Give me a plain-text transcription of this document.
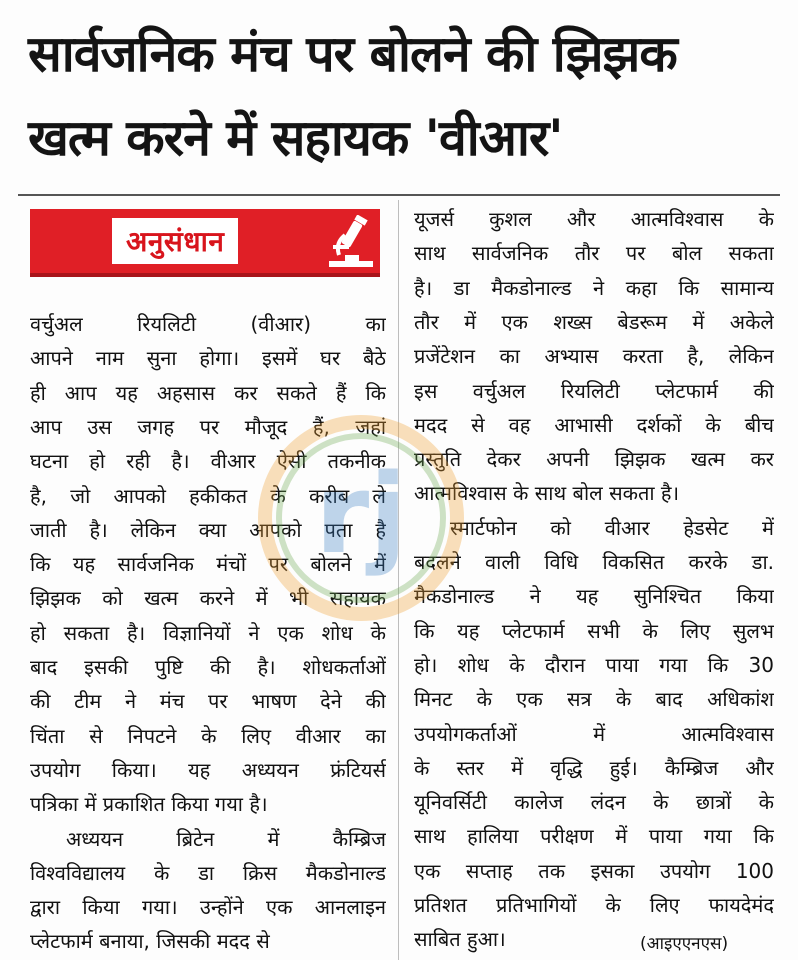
सार्वजनिक मंच पर बोलने की झिझक
खत्म करने में सहायक 'वीआर'
अनुसंधान
वर्चुअल रियलिटी (वीआर) का
आपने नाम सुना होगा। इसमें घर बैठे
ही आप यह अहसास कर सकते हैं कि
आप उस जगह पर मौजूद हैं, जहां
घटना हो रही है। वीआर ऐसी तकनीक
है, जो आपको हकीकत के करीब ले
जाती है। लेकिन क्या आपको पता है
कि यह सार्वजनिक मंचों पर बोलने में
झिझक को खत्म करने में भी सहायक
हो सकता है। विज्ञानियों ने एक शोध के
बाद इसकी पुष्टि की है। शोधकर्ताओं
की टीम ने मंच पर भाषण देने की
चिंता से निपटने के लिए वीआर का
उपयोग किया। यह अध्ययन फ्रंटियर्स
पत्रिका में प्रकाशित किया गया है।
अध्ययन ब्रिटेन में कैम्ब्रिज
विश्वविद्यालय के डा क्रिस मैकडोनाल्ड
द्वारा किया गया। उन्होंने एक आनलाइन
प्लेटफार्म बनाया, जिसकी मदद से
यूजर्स कुशल और आत्मविश्वास के
साथ सार्वजनिक तौर पर बोल सकता
है। डा मैकडोनाल्ड ने कहा कि सामान्य
तौर में एक शख्स बेडरूम में अकेले
प्रजेंटेशन का अभ्यास करता है, लेकिन
इस वर्चुअल रियलिटी प्लेटफार्म की
मदद से वह आभासी दर्शकों के बीच
प्रस्तुति देकर अपनी झिझक खत्म कर
आत्मविश्वास के साथ बोल सकता है।
स्मार्टफोन को वीआर हेडसेट में
बदलने वाली विधि विकसित करके डा.
मैकडोनाल्ड ने यह सुनिश्चित किया
कि यह प्लेटफार्म सभी के लिए सुलभ
हो। शोध के दौरान पाया गया कि 30
मिनट के एक सत्र के बाद अधिकांश
उपयोगकर्ताओं में आत्मविश्वास
के स्तर में वृद्धि हुई। कैम्ब्रिज और
यूनिवर्सिटी कालेज लंदन के छात्रों के
साथ हालिया परीक्षण में पाया गया कि
एक सप्ताह तक इसका उपयोग 100
प्रतिशत प्रतिभागियों के लिए फायदेमंद
साबित हुआ।	(आइएएनएस)
rj
